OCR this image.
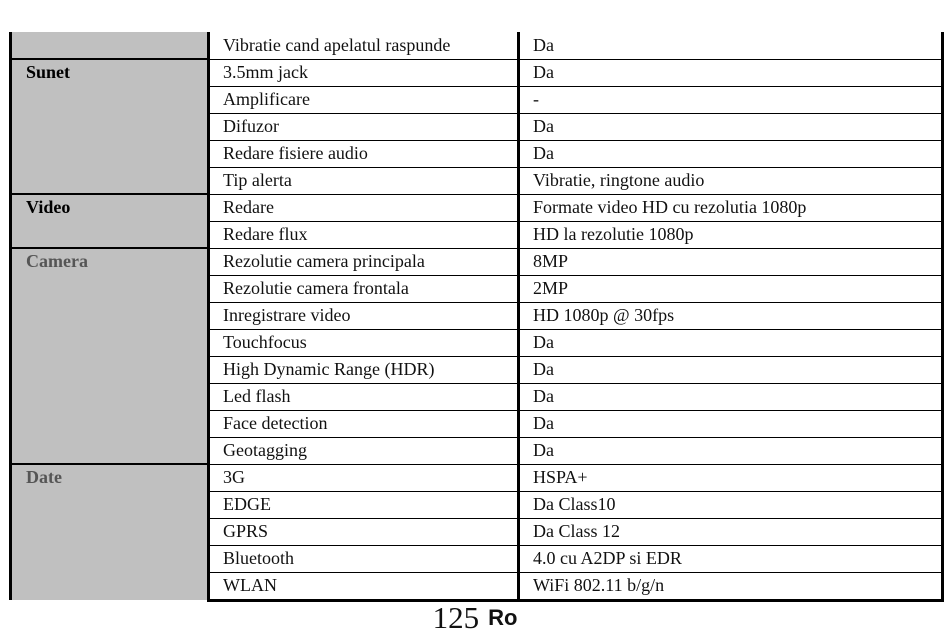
	Vibratie cand apelatul raspunde	Da
Sunet	3.5mm jack	Da
	Amplificare	-
	Difuzor	Da
	Redare fisiere audio	Da
	Tip alerta	Vibratie, ringtone audio
Video	Redare	Formate video HD cu rezolutia 1080p
	Redare flux	HD la rezolutie 1080p
Camera	Rezolutie camera principala	8MP
	Rezolutie camera frontala	2MP
	Inregistrare video	HD 1080p @ 30fps
	Touchfocus	Da
	High Dynamic Range (HDR)	Da
	Led flash	Da
	Face detection	Da
	Geotagging	Da
Date	3G	HSPA+
	EDGE	Da Class10
	GPRS	Da Class 12
	Bluetooth	4.0 cu A2DP si EDR
	WLAN	WiFi 802.11 b/g/n
125 Ro
